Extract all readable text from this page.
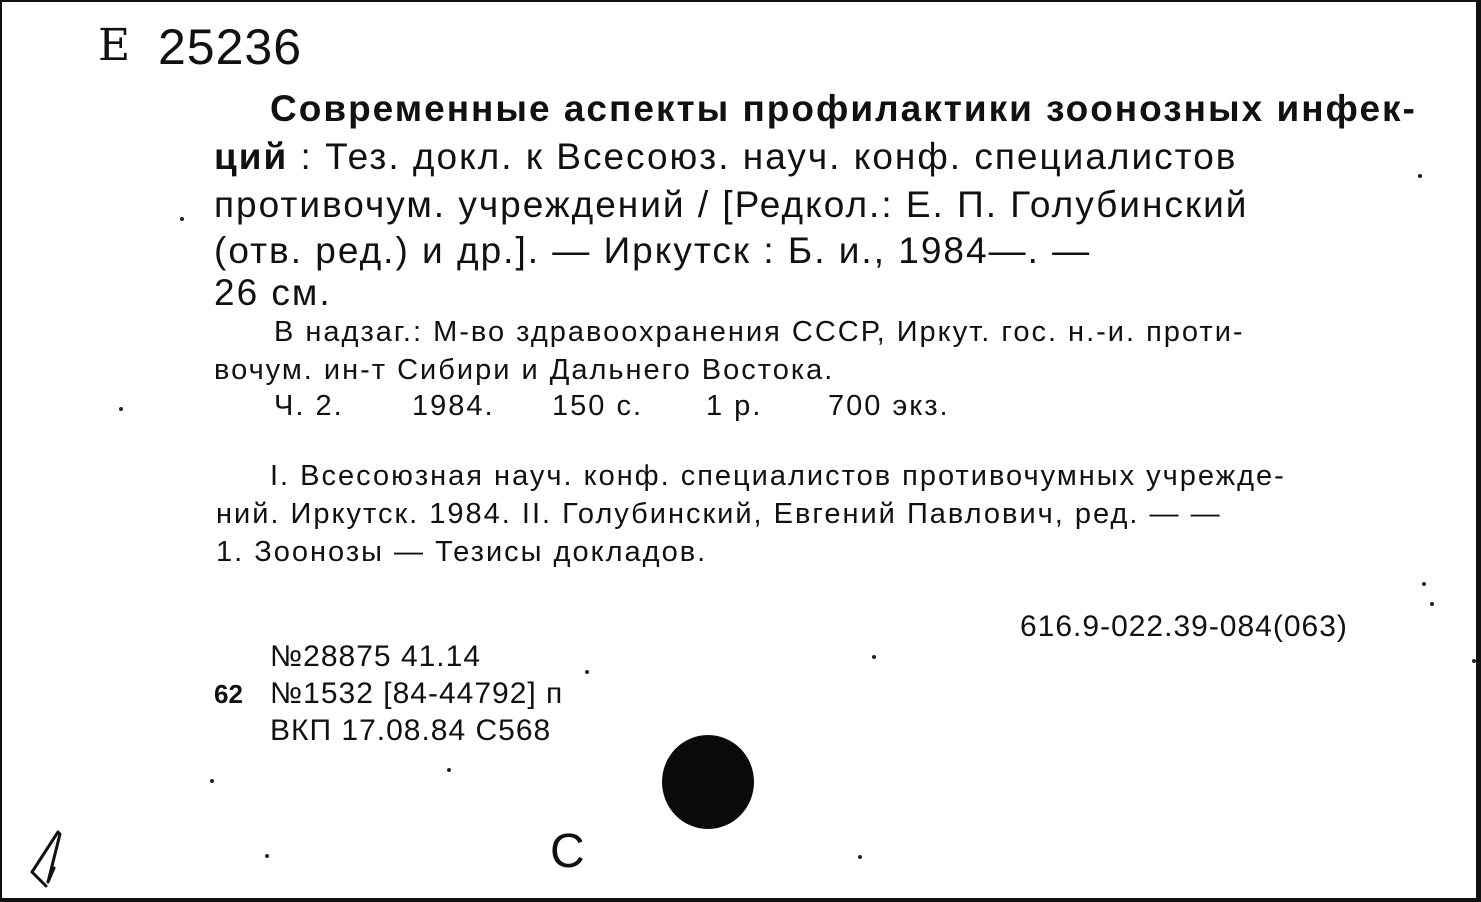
Е 25236
Современные аспекты профилактики зоонозных инфек-
ций : Тез. докл. к Всесоюз. науч. конф. специалистов
противочум. учреждений / [Редкол.: Е. П. Голубинский
(отв. ред.) и др.]. — Иркутск : Б. и., 1984—. —
26 см.
В надзаг.: М-во здравоохранения СССР, Иркут. гос. н.-и. проти-
вочум. ин-т Сибири и Дальнего Востока.
Ч. 2. 1984. 150 с. 1 р. 700 экз.
I. Всесоюзная науч. конф. специалистов противочумных учрежде-
ний. Иркутск. 1984. II. Голубинский, Евгений Павлович, ред. — —
1. Зоонозы — Тезисы докладов.
616.9-022.39-084(063)
№28875 41.14
62 №1532 [84-44792] п
ВКП 17.08.84 С568
С
